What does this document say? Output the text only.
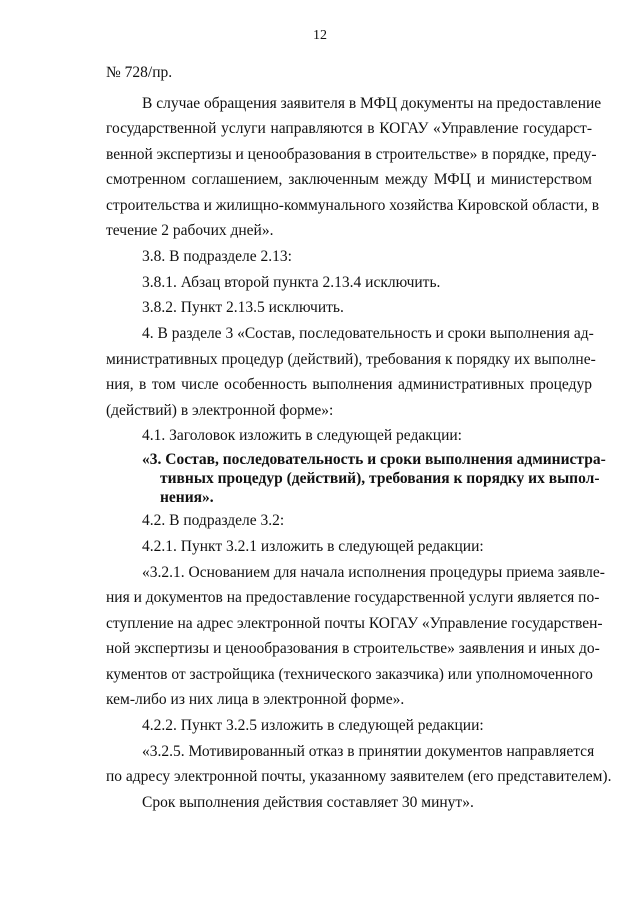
12
№ 728/пр.
В случае обращения заявителя в МФЦ документы на предоставление
государственной услуги направляются в КОГАУ «Управление государст-
венной экспертизы и ценообразования в строительстве» в порядке, преду-
смотренном соглашением, заключенным между МФЦ и министерством
строительства и жилищно-коммунального хозяйства Кировской области, в
течение 2 рабочих дней».
3.8. В подразделе 2.13:
3.8.1. Абзац второй пункта 2.13.4 исключить.
3.8.2. Пункт 2.13.5 исключить.
4. В разделе 3 «Состав, последовательность и сроки выполнения ад-
министративных процедур (действий), требования к порядку их выполне-
ния, в том числе особенность выполнения административных процедур
(действий) в электронной форме»:
4.1. Заголовок изложить в следующей редакции:
«3. Состав, последовательность и сроки выполнения администра-
тивных процедур (действий), требования к порядку их выпол-
нения».
4.2. В подразделе 3.2:
4.2.1. Пункт 3.2.1 изложить в следующей редакции:
«3.2.1. Основанием для начала исполнения процедуры приема заявле-
ния и документов на предоставление государственной услуги является по-
ступление на адрес электронной почты КОГАУ «Управление государствен-
ной экспертизы и ценообразования в строительстве» заявления и иных до-
кументов от застройщика (технического заказчика) или уполномоченного
кем-либо из них лица в электронной форме».
4.2.2. Пункт 3.2.5 изложить в следующей редакции:
«3.2.5. Мотивированный отказ в принятии документов направляется
по адресу электронной почты, указанному заявителем (его представителем).
Срок выполнения действия составляет 30 минут».
